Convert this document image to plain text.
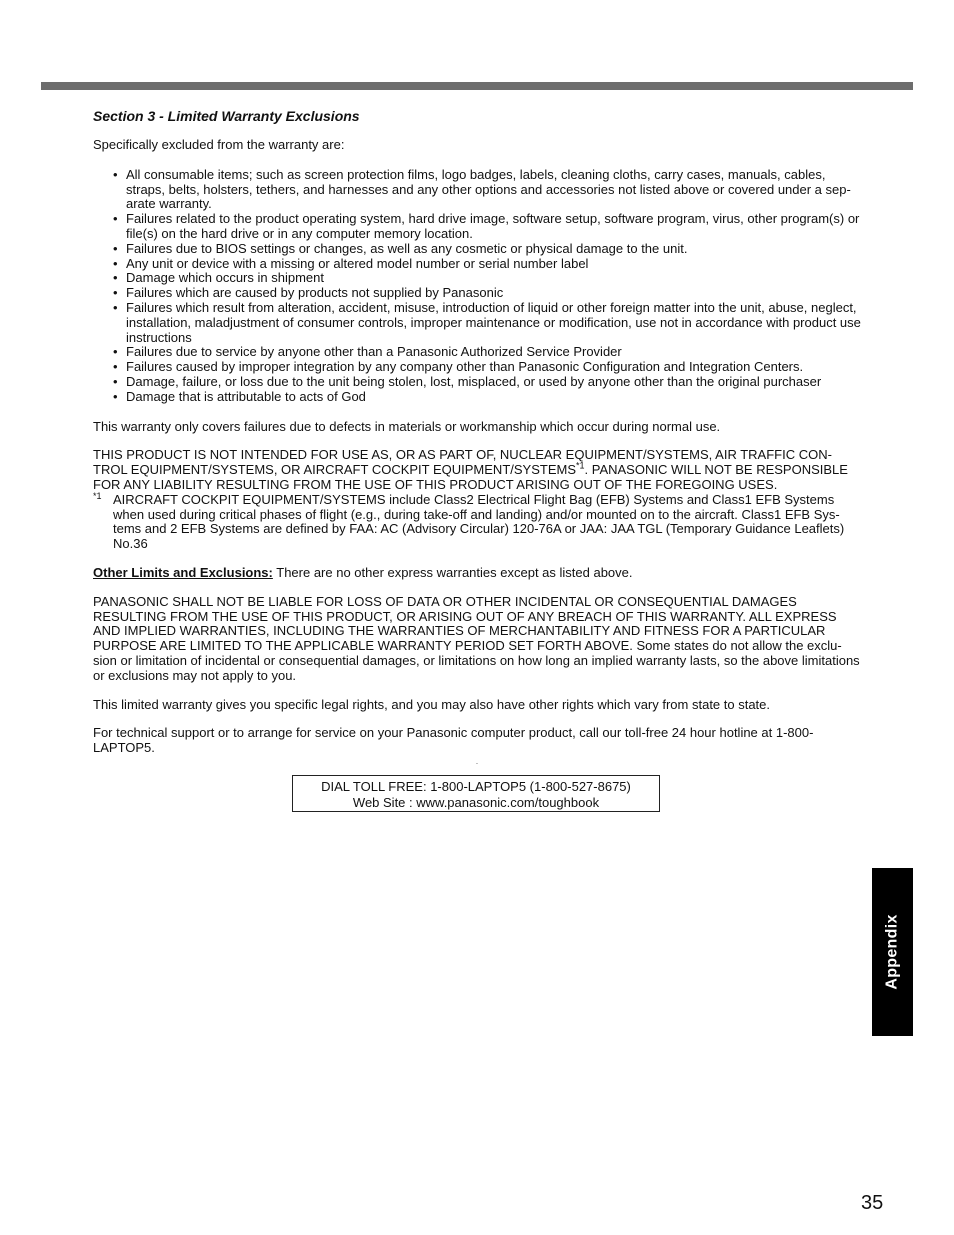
Section 3 - Limited Warranty Exclusions

Specifically excluded from the warranty are:

• All consumable items; such as screen protection films, logo badges, labels, cleaning cloths, carry cases, manuals, cables, straps, belts, holsters, tethers, and harnesses and any other options and accessories not listed above or covered under a sep-arate warranty.
• Failures related to the product operating system, hard drive image, software setup, software program, virus, other program(s) or file(s) on the hard drive or in any computer memory location.
• Failures due to BIOS settings or changes, as well as any cosmetic or physical damage to the unit.
• Any unit or device with a missing or altered model number or serial number label
• Damage which occurs in shipment
• Failures which are caused by products not supplied by Panasonic
• Failures which result from alteration, accident, misuse, introduction of liquid or other foreign matter into the unit, abuse, neglect, installation, maladjustment of consumer controls, improper maintenance or modification, use not in accordance with product use instructions
• Failures due to service by anyone other than a Panasonic Authorized Service Provider
• Failures caused by improper integration by any company other than Panasonic Configuration and Integration Centers.
• Damage, failure, or loss due to the unit being stolen, lost, misplaced, or used by anyone other than the original purchaser
• Damage that is attributable to acts of God

This warranty only covers failures due to defects in materials or workmanship which occur during normal use.

THIS PRODUCT IS NOT INTENDED FOR USE AS, OR AS PART OF, NUCLEAR EQUIPMENT/SYSTEMS, AIR TRAFFIC CON-TROL EQUIPMENT/SYSTEMS, OR AIRCRAFT COCKPIT EQUIPMENT/SYSTEMS$^{*1}$. PANASONIC WILL NOT BE RESPONSIBLE FOR ANY LIABILITY RESULTING FROM THE USE OF THIS PRODUCT ARISING OUT OF THE FOREGOING USES.

*1 AIRCRAFT COCKPIT EQUIPMENT/SYSTEMS include Class2 Electrical Flight Bag (EFB) Systems and Class1 EFB Systems when used during critical phases of flight (e.g., during take-off and landing) and/or mounted on to the aircraft. Class1 EFB Sys-tems and 2 EFB Systems are defined by FAA: AC (Advisory Circular) 120-76A or JAA: JAA TGL (Temporary Guidance Leaflets) No.36

Other Limits and Exclusions: There are no other express warranties except as listed above.

PANASONIC SHALL NOT BE LIABLE FOR LOSS OF DATA OR OTHER INCIDENTAL OR CONSEQUENTIAL DAMAGES RESULTING FROM THE USE OF THIS PRODUCT, OR ARISING OUT OF ANY BREACH OF THIS WARRANTY. ALL EXPRESS AND IMPLIED WARRANTIES, INCLUDING THE WARRANTIES OF MERCHANTABILITY AND FITNESS FOR A PARTICULAR PURPOSE ARE LIMITED TO THE APPLICABLE WARRANTY PERIOD SET FORTH ABOVE. Some states do not allow the exclu-sion or limitation of incidental or consequential damages, or limitations on how long an implied warranty lasts, so the above limitations or exclusions may not apply to you.

This limited warranty gives you specific legal rights, and you may also have other rights which vary from state to state.

For technical support or to arrange for service on your Panasonic computer product, call our toll-free 24 hour hotline at 1-800-LAPTOP5.

.

DIAL TOLL FREE: 1-800-LAPTOP5 (1-800-527-8675)
Web Site : www.panasonic.com/toughbook
Appendix
35
